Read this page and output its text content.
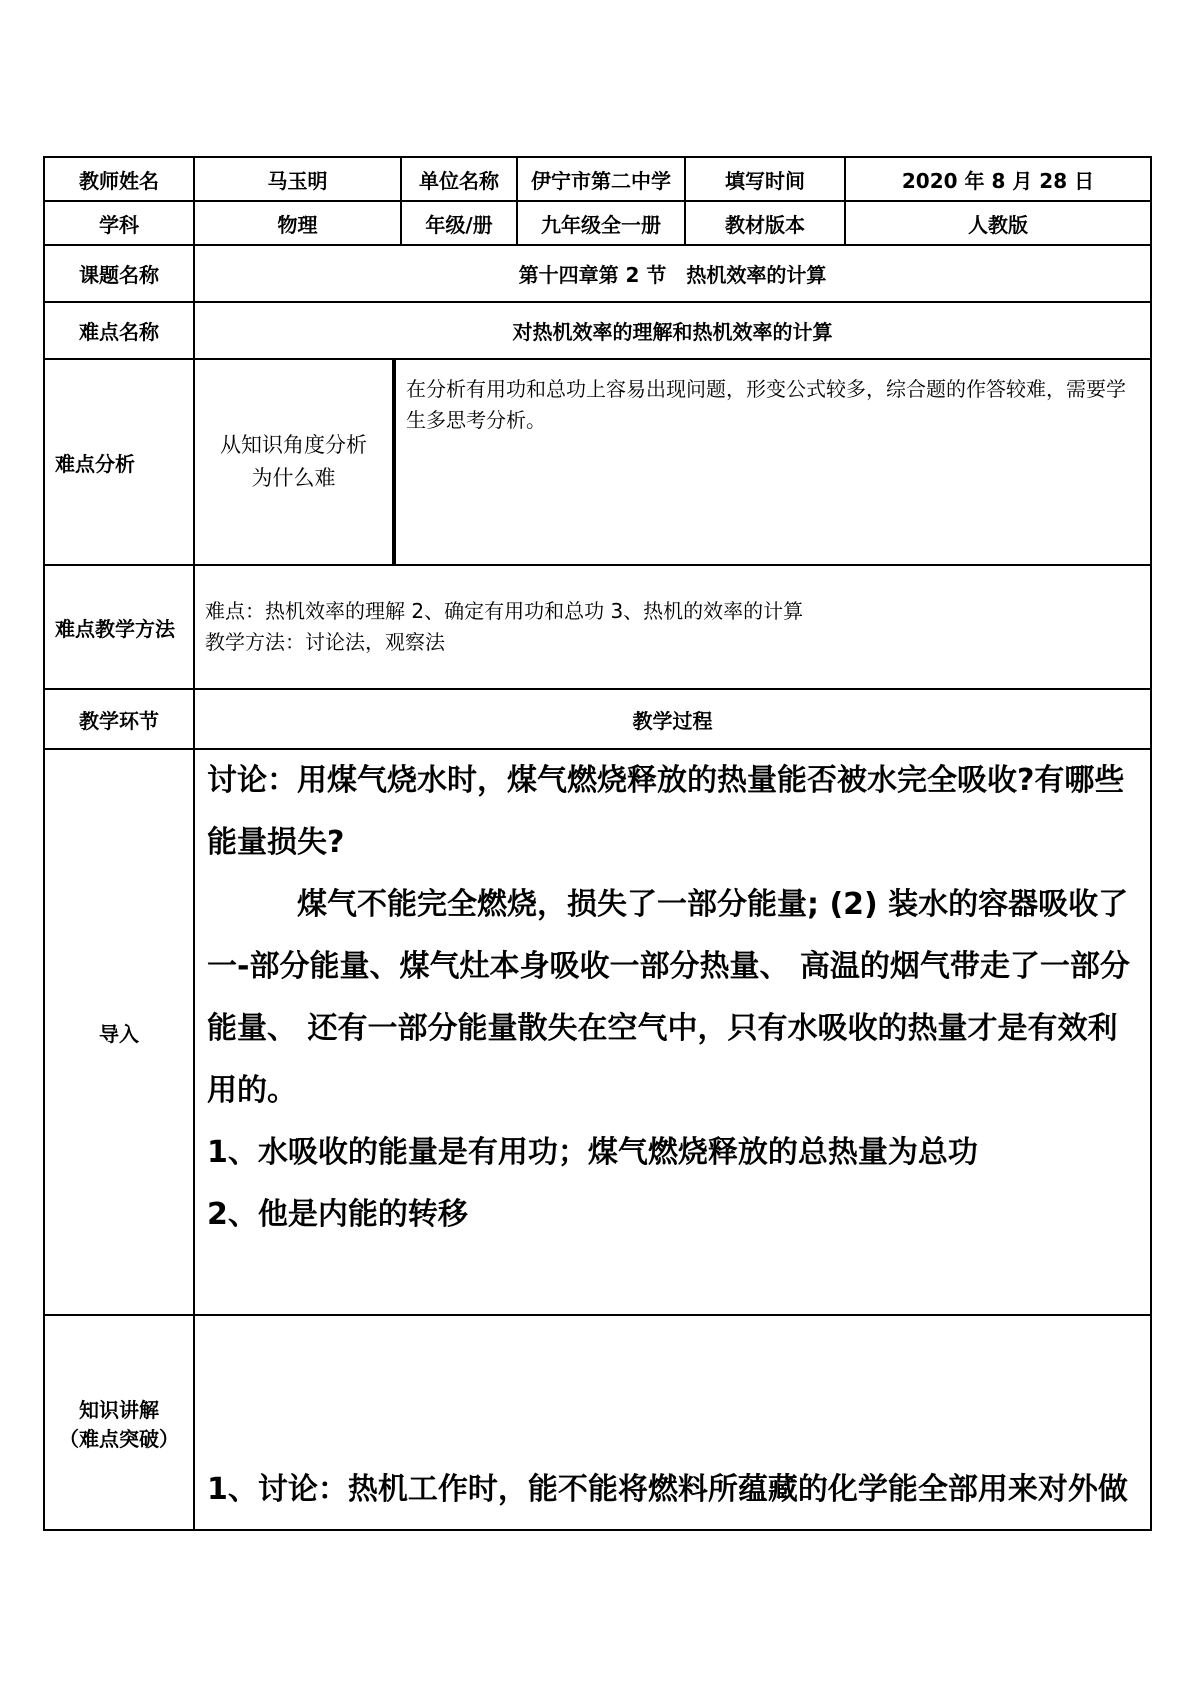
教师姓名	马玉明		单位名称	伊宁市第二中学	填写时间	2020 年 8 月 28 日
学科	物理		年级/册	九年级全一册	教材版本	人教版
课题名称	第十四章第 2 节　热机效率的计算					
难点名称	对热机效率的理解和热机效率的计算					
难点分析	从知识角度分析为什么难	在分析有用功和总功上容易出现问题，形变公式较多，综合题的作答较难，需要学生多思考分析。				
难点教学方法	难点：热机效率的理解 2、确定有用功和总功 3、热机的效率的计算

教学方法：讨论法，观察法					

教学环节	教学过程					
导入	讨论：用煤气烧水时，煤气燃烧释放的热量能否被水完全吸收?有哪些能量损失?

煤气不能完全燃烧，损失了一部分能量; (2) 装水的容器吸收了一-部分能量、煤气灶本身吸收一部分热量、 高温的烟气带走了一部分能量、 还有一部分能量散失在空气中，只有水吸收的热量才是有效利用的。

1、水吸收的能量是有用功；煤气燃烧释放的总热量为总功

2、他是内能的转移					

知识讲解

（难点突破）	1、讨论：热机工作时，能不能将燃料所蕴藏的化学能全部用来对外做					
